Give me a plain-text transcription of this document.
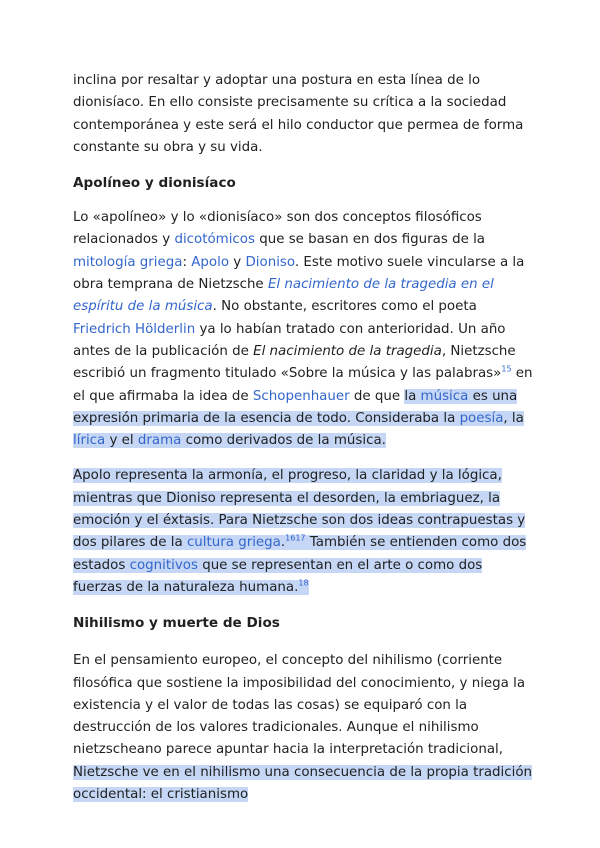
inclina por resaltar y adoptar una postura en esta línea de lo dionisíaco. En ello consiste precisamente su crítica a la sociedad contemporánea y este será el hilo conductor que permea de forma constante su obra y su vida.

Apolíneo y dionisíaco

Lo «apolíneo» y lo «dionisíaco» son dos conceptos filosóficos relacionados y dicotómicos que se basan en dos figuras de la mitología griega: Apolo y Dioniso. Este motivo suele vincularse a la obra temprana de Nietzsche El nacimiento de la tragedia en el espíritu de la música. No obstante, escritores como el poeta Friedrich Hölderlin ya lo habían tratado con anterioridad. Un año antes de la publicación de El nacimiento de la tragedia, Nietzsche escribió un fragmento titulado «Sobre la música y las palabras»$^{15}$ en el que afirmaba la idea de Schopenhauer de que la música es una expresión primaria de la esencia de todo. Consideraba la poesía, la lírica y el drama como derivados de la música.

Apolo representa la armonía, el progreso, la claridad y la lógica, mientras que Dioniso representa el desorden, la embriaguez, la emoción y el éxtasis. Para Nietzsche son dos ideas contrapuestas y dos pilares de la cultura griega.$^{1617}$ También se entienden como dos estados cognitivos que se representan en el arte o como dos fuerzas de la naturaleza humana.$^{18}$

Nihilismo y muerte de Dios

En el pensamiento europeo, el concepto del nihilismo (corriente filosófica que sostiene la imposibilidad del conocimiento, y niega la existencia y el valor de todas las cosas) se equiparó con la destrucción de los valores tradicionales. Aunque el nihilismo nietzscheano parece apuntar hacia la interpretación tradicional, Nietzsche ve en el nihilismo una consecuencia de la propia tradición occidental: el cristianismo
